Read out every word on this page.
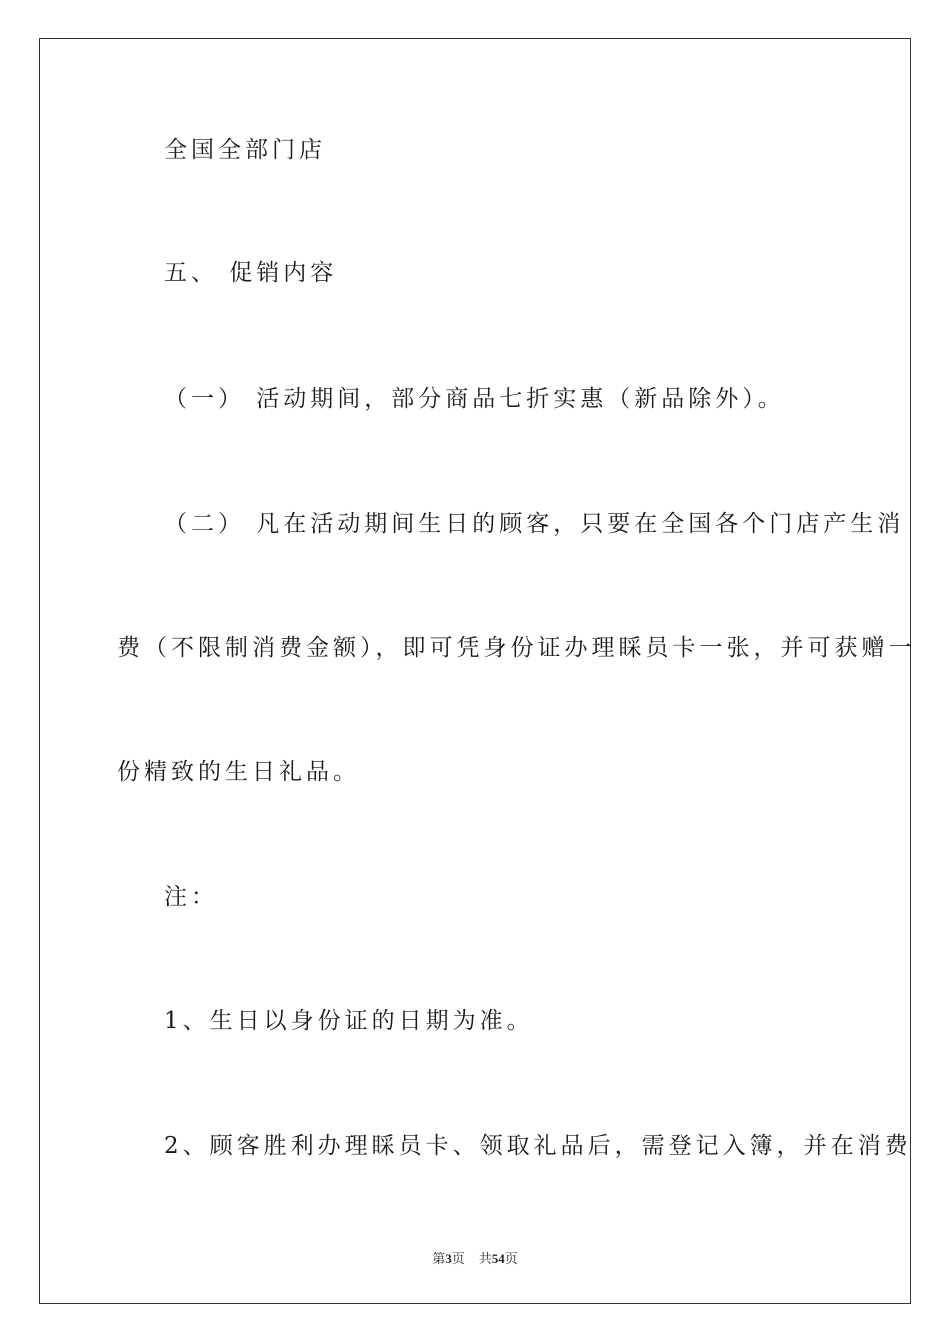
全国全部门店
五、 促销内容
（一） 活动期间，部分商品七折实惠（新品除外）。
（二） 凡在活动期间生日的顾客，只要在全国各个门店产生消
费（不限制消费金额），即可凭身份证办理睬员卡一张，并可获赠一
份精致的生日礼品。
注：
1、生日以身份证的日期为准。
2、顾客胜利办理睬员卡、领取礼品后，需登记入簿，并在消费
第3页 共54页
